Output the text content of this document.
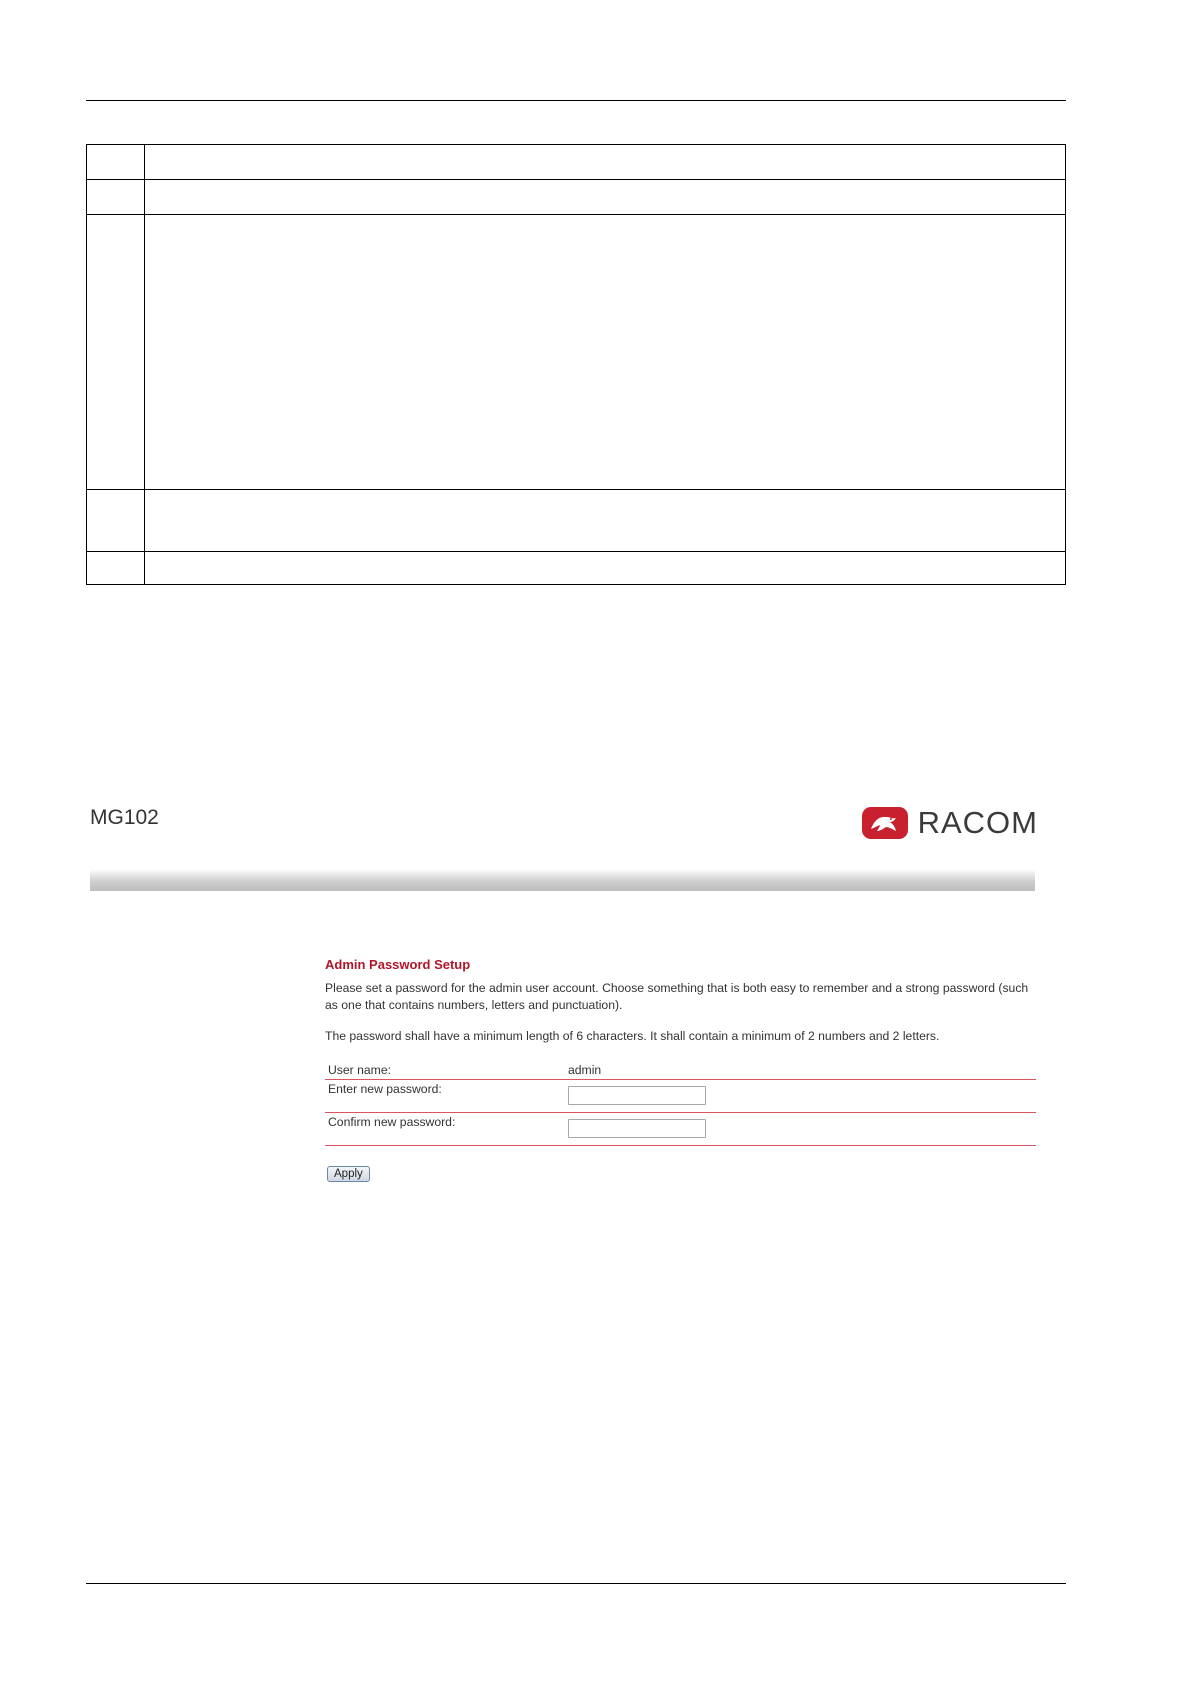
MG102	RACOM
Admin Password Setup

Please set a password for the admin user account. Choose something that is both easy to remember and a strong password (such as one that contains numbers, letters and punctuation).

The password shall have a minimum length of 6 characters. It shall contain a minimum of 2 numbers and 2 letters.

User name:	admin
Enter new password:	
Confirm new password:	
Apply
